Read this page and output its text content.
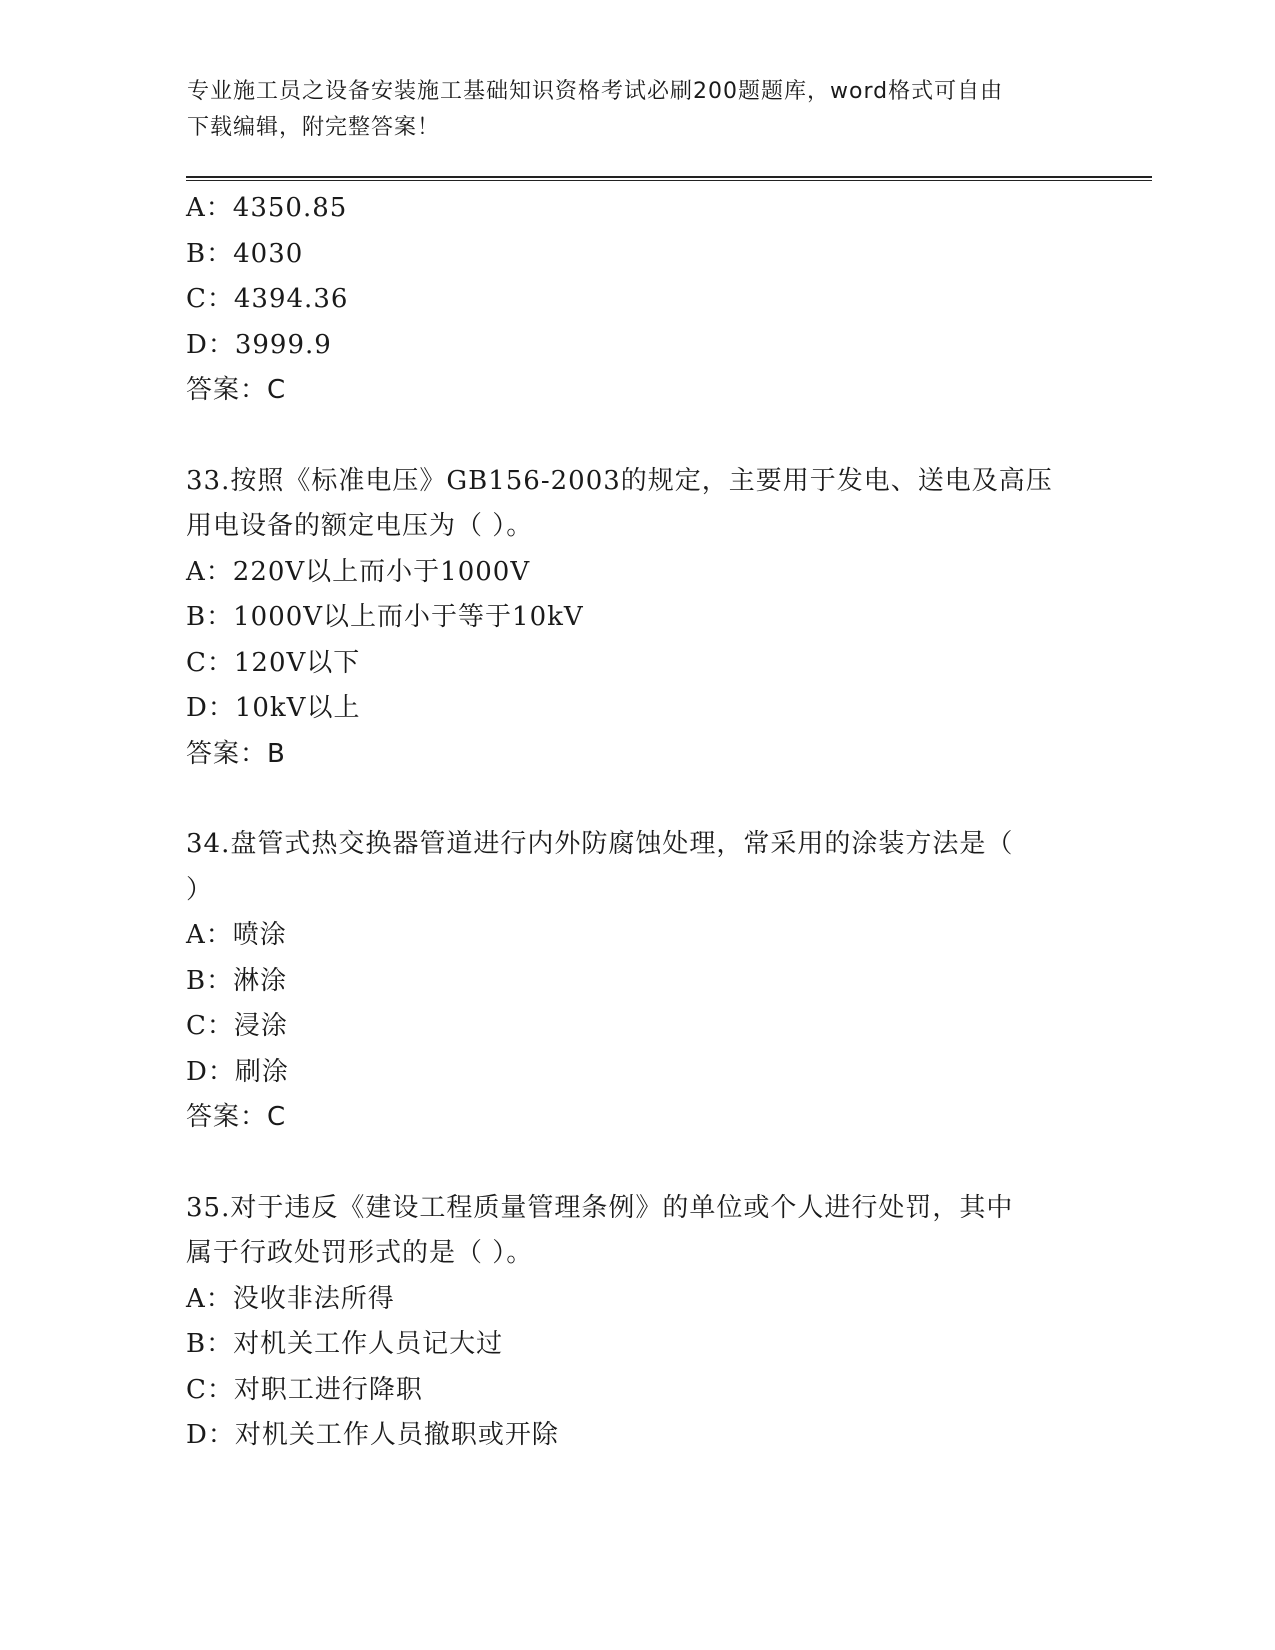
专业施工员之设备安装施工基础知识资格考试必刷200题题库，word格式可自由
下载编辑，附完整答案！
A：4350.85
B：4030
C：4394.36
D：3999.9
答案：C
33.按照《标准电压》GB156-2003的规定，主要用于发电、送电及高压
用电设备的额定电压为（ ）。
A：220V以上而小于1000V
B：1000V以上而小于等于10kV
C：120V以下
D：10kV以上
答案：B
34.盘管式热交换器管道进行内外防腐蚀处理，常采用的涂装方法是（
）
A：喷涂
B：淋涂
C：浸涂
D：刷涂
答案：C
35.对于违反《建设工程质量管理条例》的单位或个人进行处罚，其中
属于行政处罚形式的是（ ）。
A：没收非法所得
B：对机关工作人员记大过
C：对职工进行降职
D：对机关工作人员撤职或开除
